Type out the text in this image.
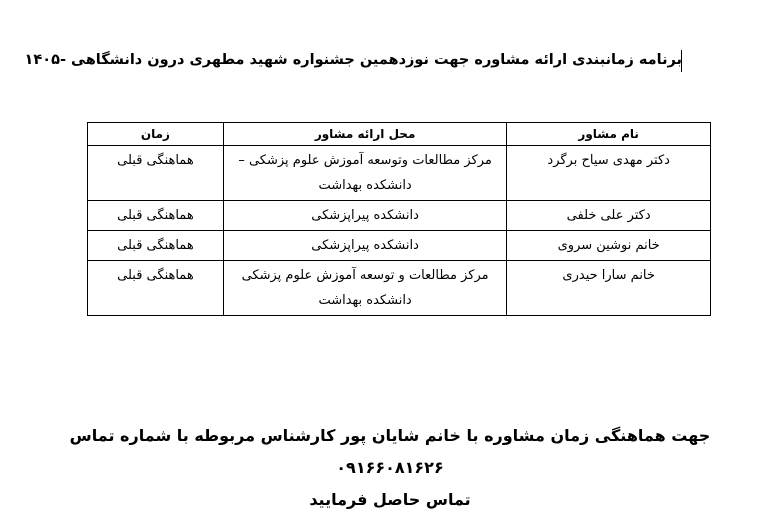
برنامه زمانبندی ارائه مشاوره جهت نوزدهمین جشنواره شهید مطهری درون دانشگاهی -۱۴۰۵
نام مشاور	محل ارائه مشاور	زمان
دکتر مهدی سیاح برگرد	مرکز مطالعات وتوسعه آموزش علوم پزشکی – دانشکده بهداشت	هماهنگی قبلی
دکتر علی خلفی	دانشکده پیراپزشکی	هماهنگی قبلی
خانم نوشین سروی	دانشکده پیراپزشکی	هماهنگی قبلی
خانم سارا حیدری	مرکز مطالعات و توسعه آموزش علوم پزشکی دانشکده بهداشت	هماهنگی قبلی
جهت هماهنگی زمان مشاوره با خانم شایان پور کارشناس مربوطه با شماره تماس ۰۹۱۶۶۰۸۱۶۲۶
تماس حاصل فرمایید
